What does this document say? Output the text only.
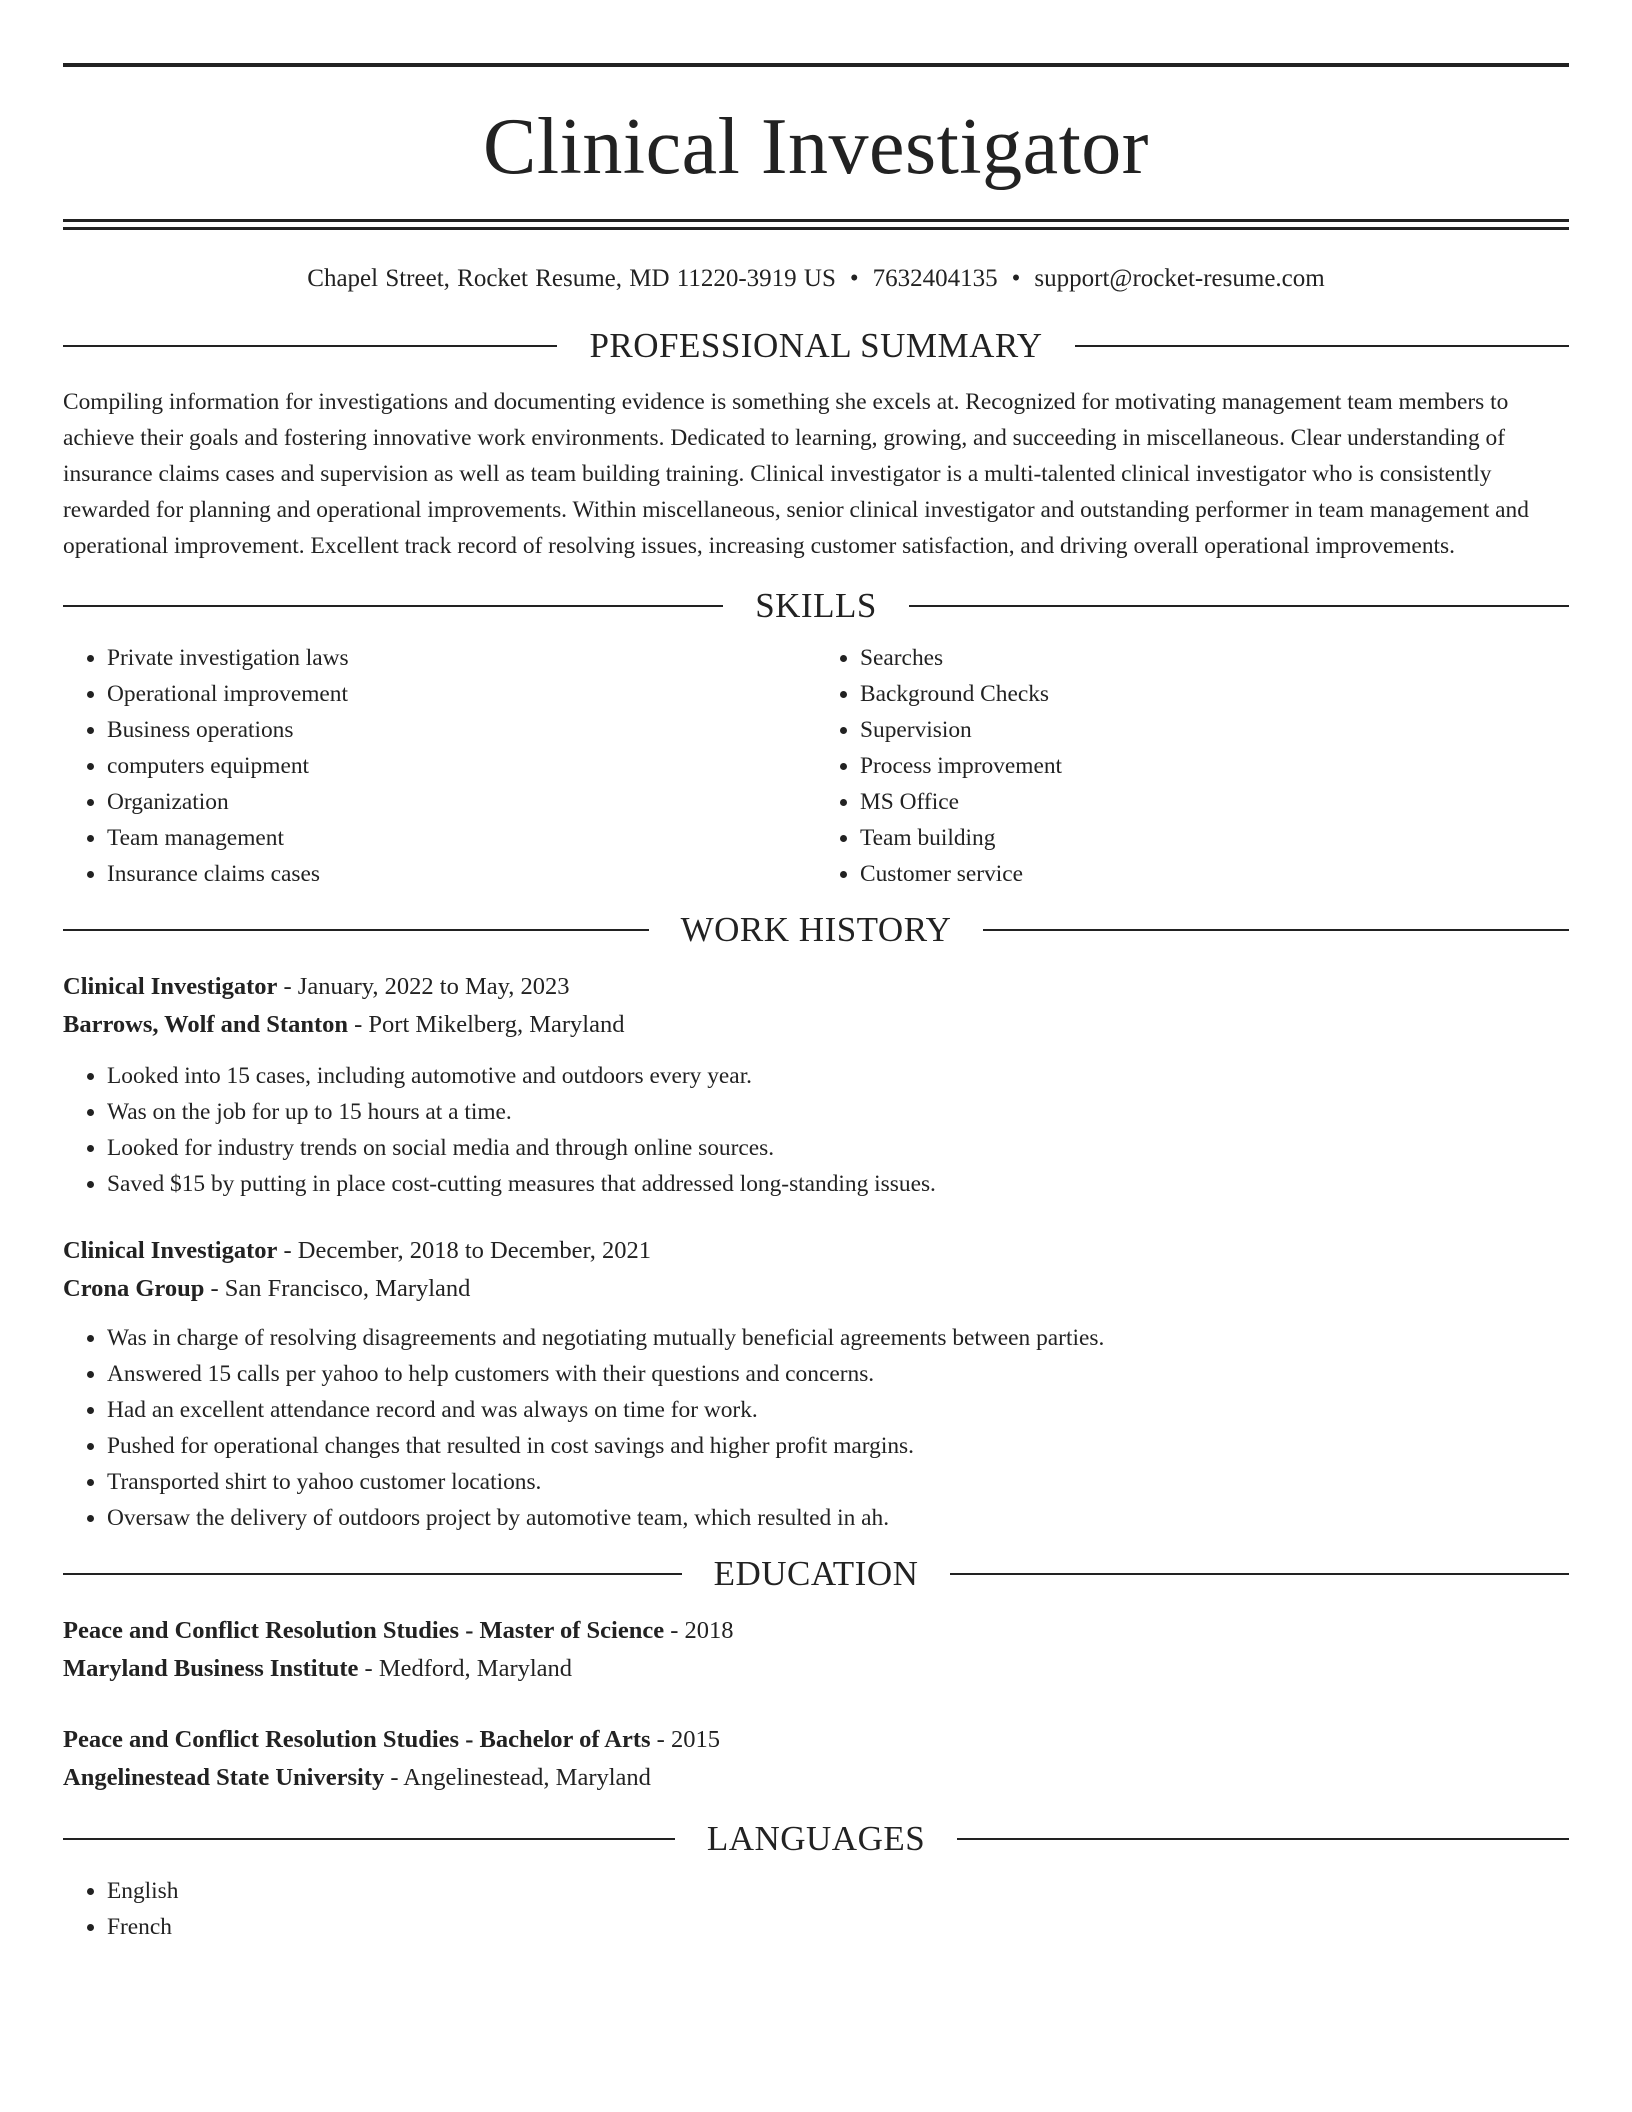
Clinical Investigator
Chapel Street, Rocket Resume, MD 11220-3919 US • 7632404135 • support@rocket-resume.com
PROFESSIONAL SUMMARY

Compiling information for investigations and documenting evidence is something she excels at. Recognized for motivating management team members to achieve their goals and fostering innovative work environments. Dedicated to learning, growing, and succeeding in miscellaneous. Clear understanding of insurance claims cases and supervision as well as team building training. Clinical investigator is a multi-talented clinical investigator who is consistently rewarded for planning and operational improvements. Within miscellaneous, senior clinical investigator and outstanding performer in team management and operational improvement. Excellent track record of resolving issues, increasing customer satisfaction, and driving overall operational improvements.

SKILLS
• Private investigation laws
• Operational improvement
• Business operations
• computers equipment
• Organization
• Team management
• Insurance claims cases
• Searches
• Background Checks
• Supervision
• Process improvement
• MS Office
• Team building
• Customer service
WORK HISTORY
Clinical Investigator - January, 2022 to May, 2023
Barrows, Wolf and Stanton - Port Mikelberg, Maryland
• Looked into 15 cases, including automotive and outdoors every year.
• Was on the job for up to 15 hours at a time.
• Looked for industry trends on social media and through online sources.
• Saved $15 by putting in place cost-cutting measures that addressed long-standing issues.
Clinical Investigator - December, 2018 to December, 2021
Crona Group - San Francisco, Maryland
• Was in charge of resolving disagreements and negotiating mutually beneficial agreements between parties.
• Answered 15 calls per yahoo to help customers with their questions and concerns.
• Had an excellent attendance record and was always on time for work.
• Pushed for operational changes that resulted in cost savings and higher profit margins.
• Transported shirt to yahoo customer locations.
• Oversaw the delivery of outdoors project by automotive team, which resulted in ah.
EDUCATION
Peace and Conflict Resolution Studies - Master of Science - 2018
Maryland Business Institute - Medford, Maryland
Peace and Conflict Resolution Studies - Bachelor of Arts - 2015
Angelinestead State University - Angelinestead, Maryland
LANGUAGES
• English
• French
